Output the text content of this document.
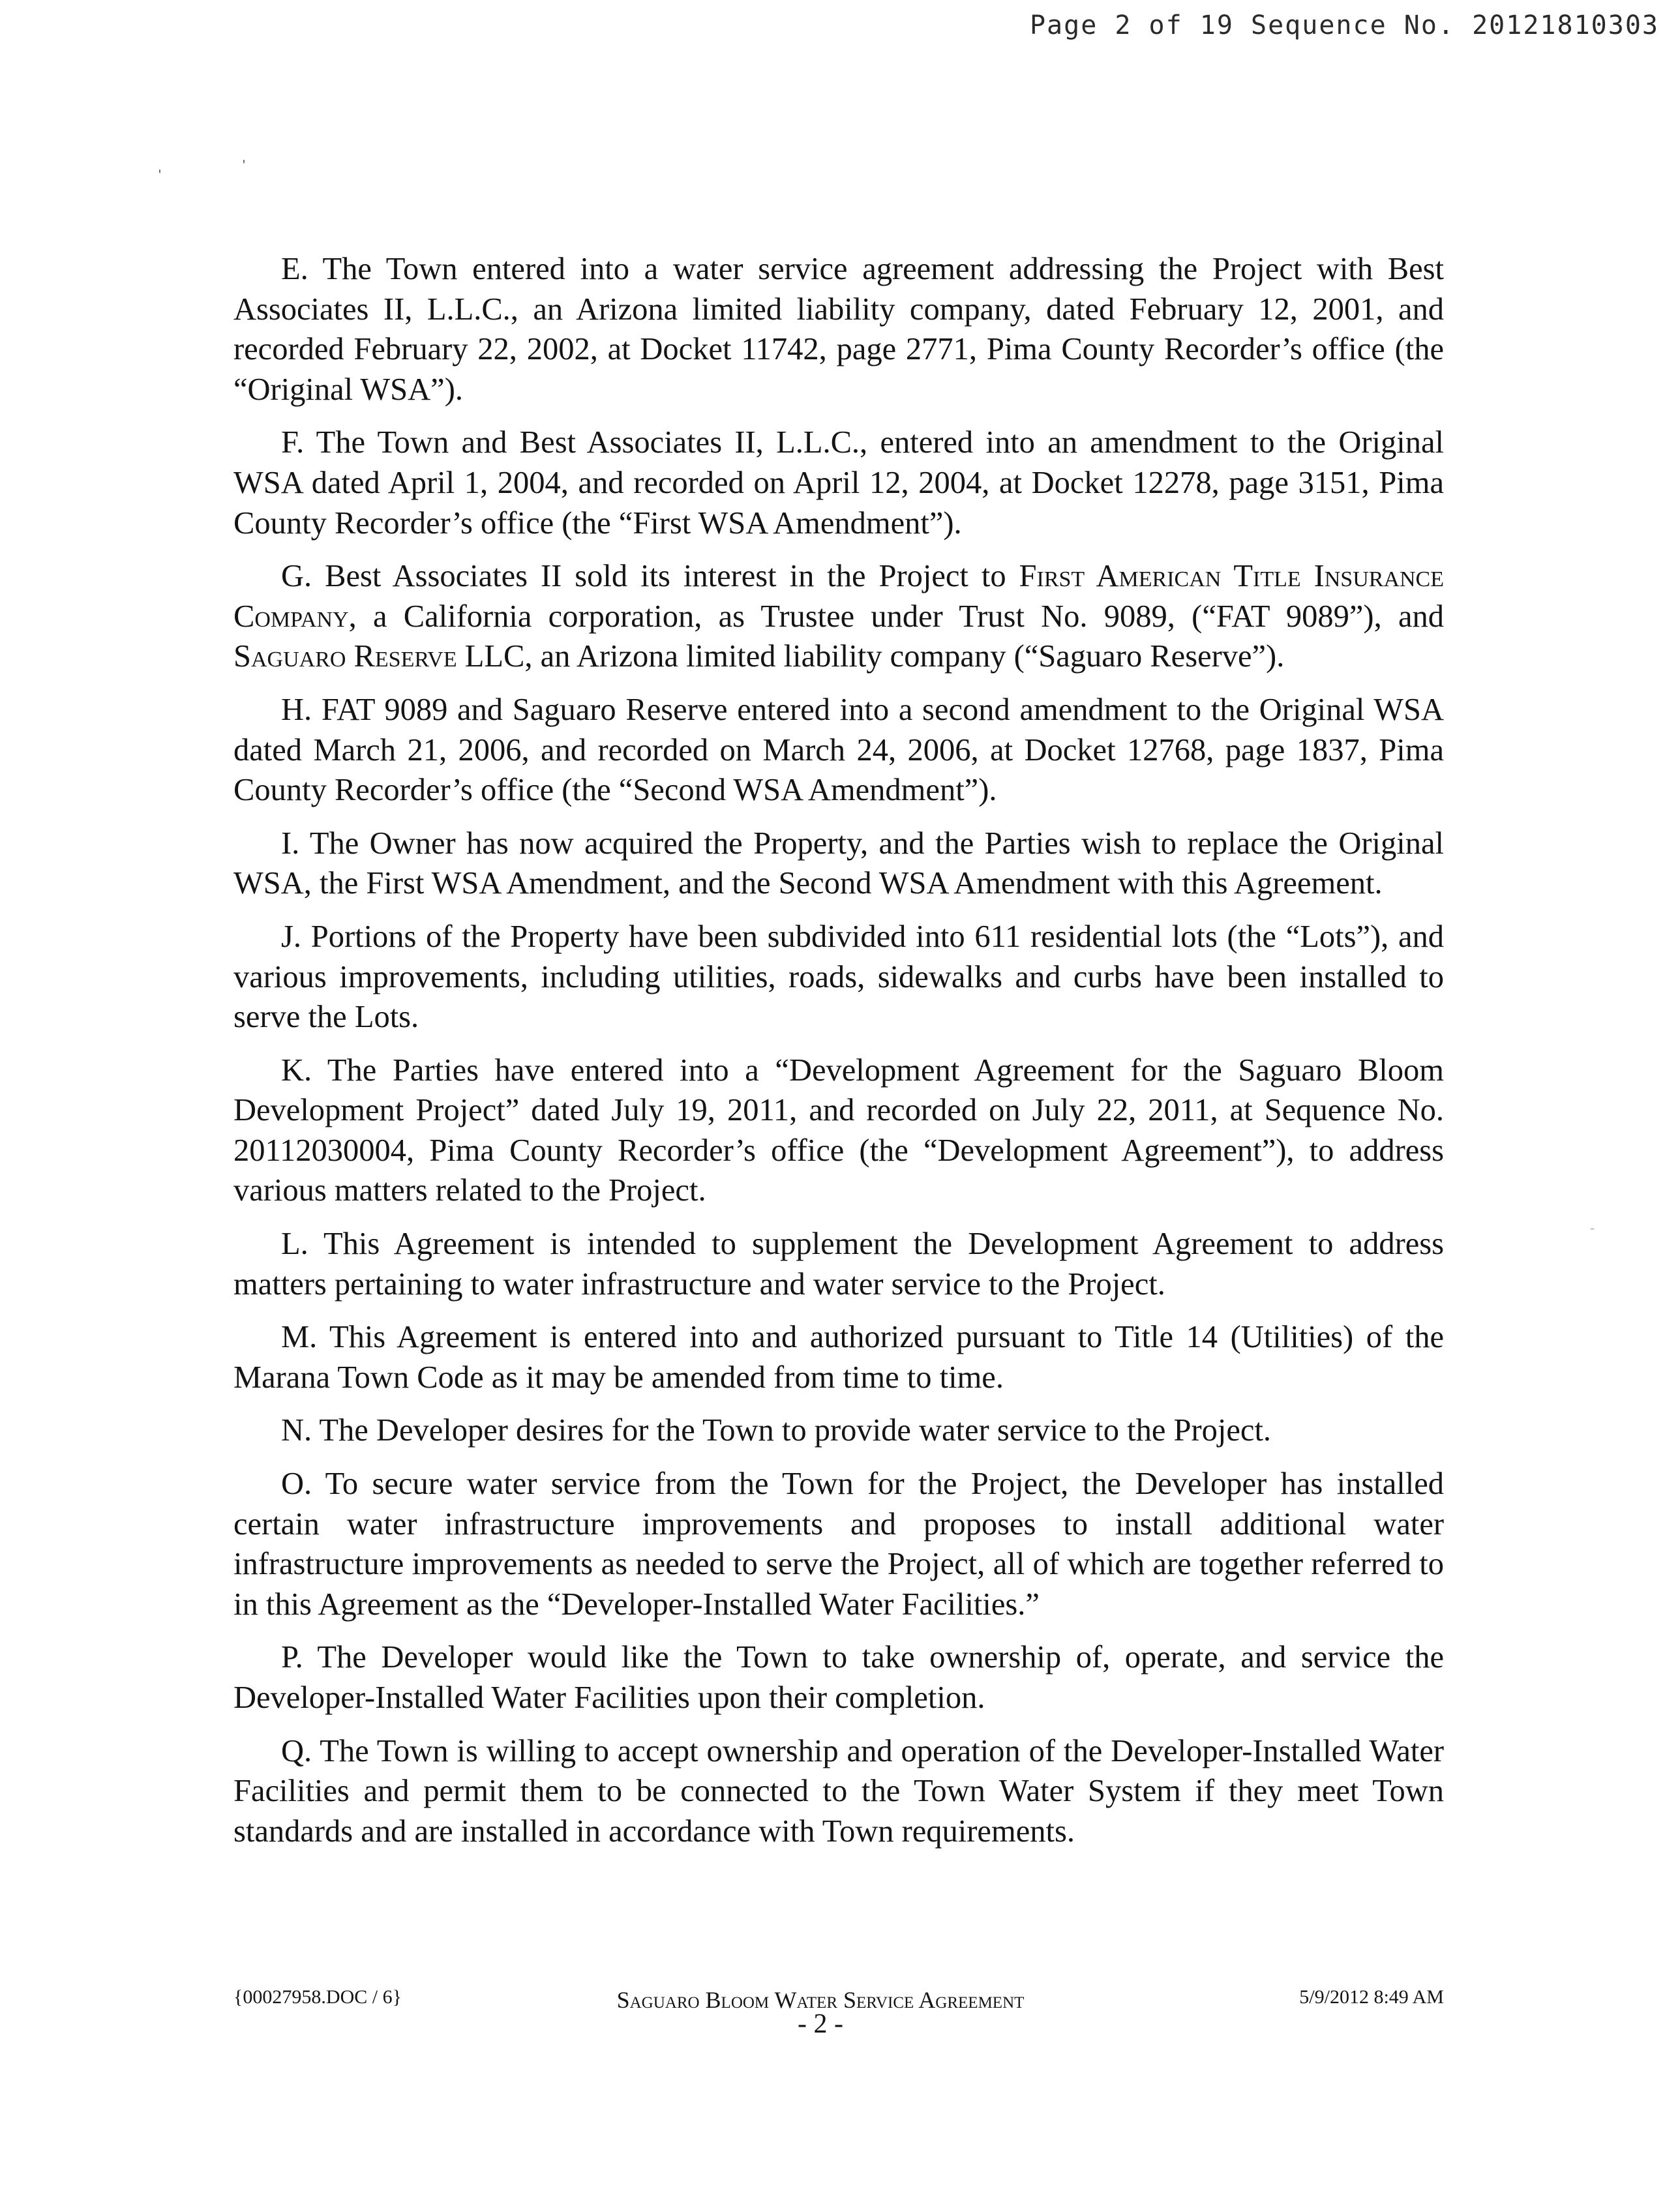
Page 2 of 19 Sequence No. 20121810303
'
'
-

E. The Town entered into a water service agreement addressing the Project with Best Associates II, L.L.C., an Arizona limited liability company, dated February 12, 2001, and recorded February 22, 2002, at Docket 11742, page 2771, Pima County Recorder’s office (the “Original WSA”).

F. The Town and Best Associates II, L.L.C., entered into an amendment to the Original WSA dated April 1, 2004, and recorded on April 12, 2004, at Docket 12278, page 3151, Pima County Recorder’s office (the “First WSA Amendment”).

G. Best Associates II sold its interest in the Project to First American Title Insurance Company, a California corporation, as Trustee under Trust No. 9089, (“FAT 9089”), and Saguaro Reserve LLC, an Arizona limited liability company (“Saguaro Reserve”).

H. FAT 9089 and Saguaro Reserve entered into a second amendment to the Original WSA dated March 21, 2006, and recorded on March 24, 2006, at Docket 12768, page 1837, Pima County Recorder’s office (the “Second WSA Amendment”).

I. The Owner has now acquired the Property, and the Parties wish to replace the Original WSA, the First WSA Amendment, and the Second WSA Amendment with this Agreement.

J. Portions of the Property have been subdivided into 611 residential lots (the “Lots”), and various improvements, including utilities, roads, sidewalks and curbs have been installed to serve the Lots.

K. The Parties have entered into a “Development Agreement for the Saguaro Bloom Development Project” dated July 19, 2011, and recorded on July 22, 2011, at Sequence No. 20112030004, Pima County Recorder’s office (the “Development Agreement”), to address various matters related to the Project.

L. This Agreement is intended to supplement the Development Agreement to address matters pertaining to water infrastructure and water service to the Project.

M. This Agreement is entered into and authorized pursuant to Title 14 (Utilities) of the Marana Town Code as it may be amended from time to time.

N. The Developer desires for the Town to provide water service to the Project.

O. To secure water service from the Town for the Project, the Developer has installed certain water infrastructure improvements and proposes to install additional water infrastructure improvements as needed to serve the Project, all of which are together referred to in this Agreement as the “Developer-Installed Water Facilities.”

P. The Developer would like the Town to take ownership of, operate, and service the Developer-Installed Water Facilities upon their completion.

Q. The Town is willing to accept ownership and operation of the Developer-Installed Water Facilities and permit them to be connected to the Town Water System if they meet Town standards and are installed in accordance with Town requirements.

{00027958.DOC / 6}	Saguaro Bloom Water Service Agreement
- 2 -
5/9/2012 8:49 AM
